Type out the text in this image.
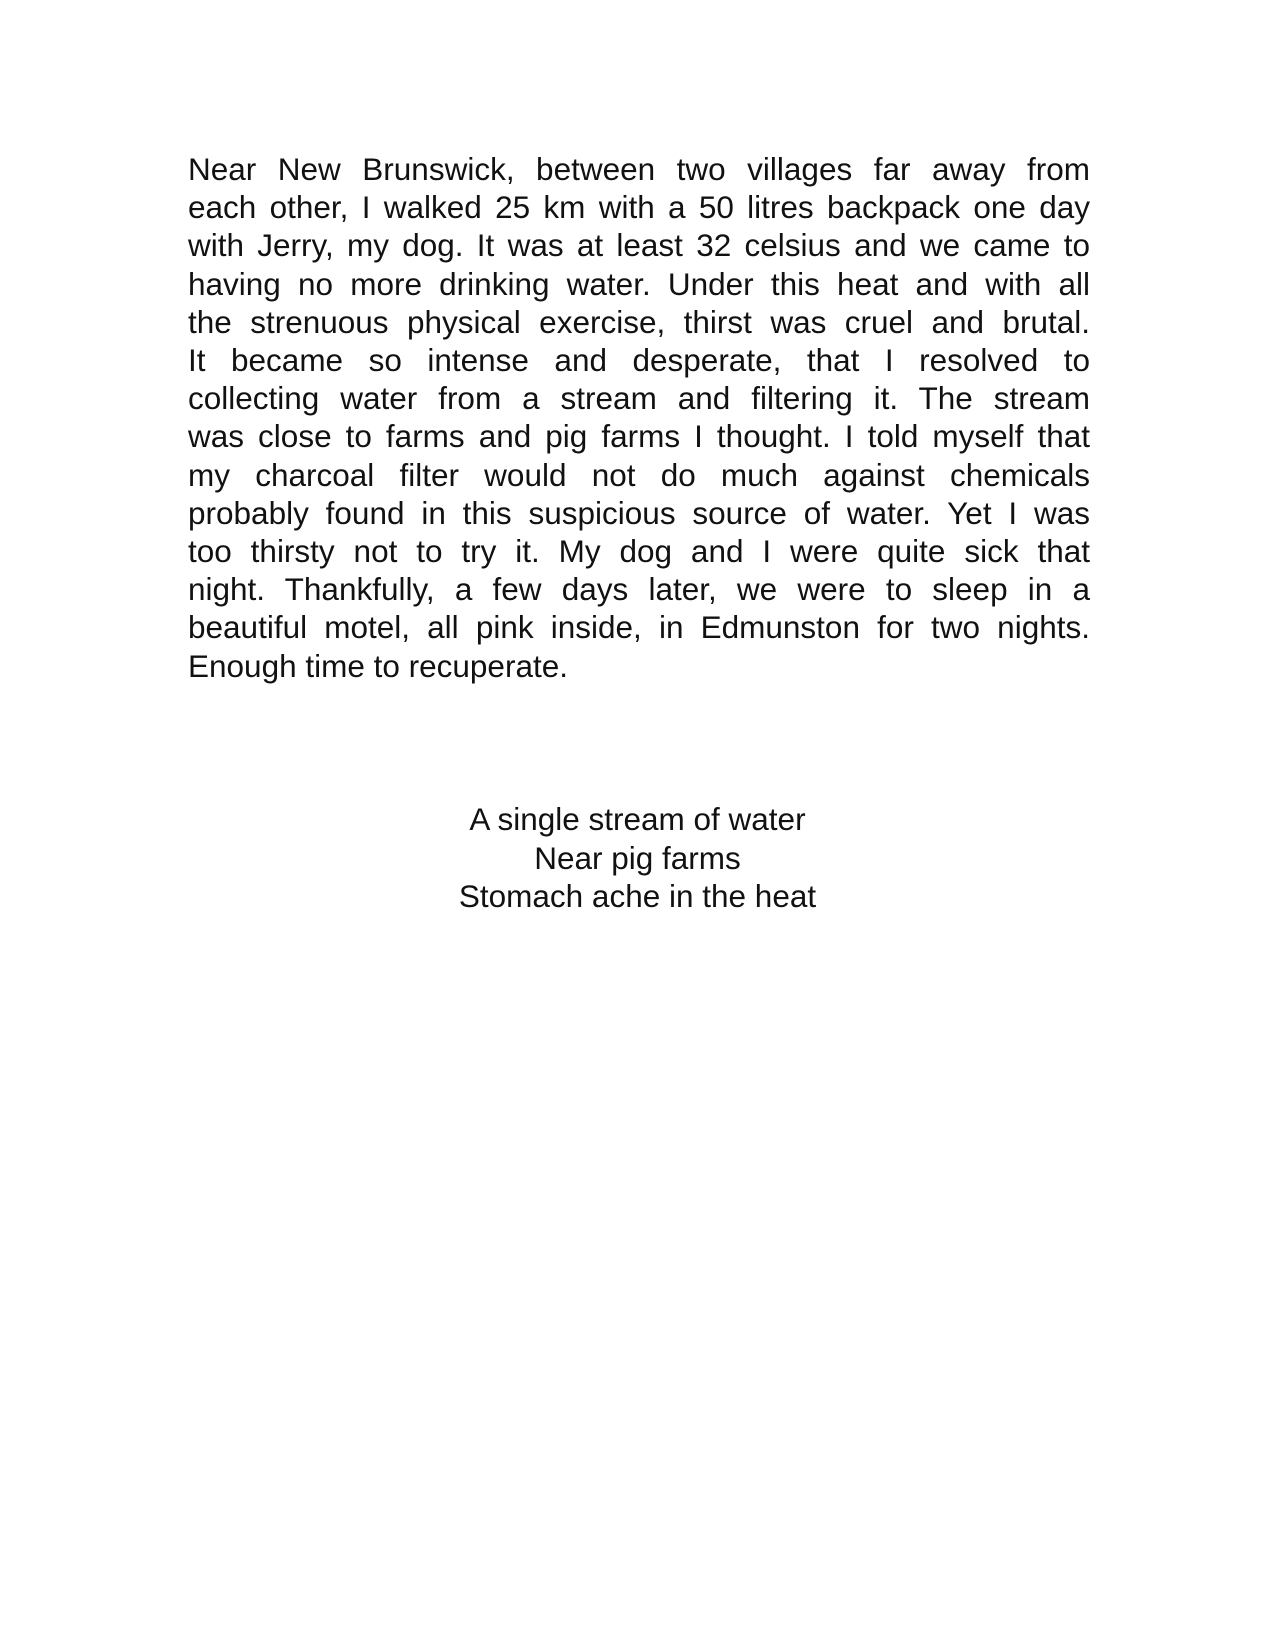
Near New Brunswick, between two villages far away from
each other, I walked 25 km with a 50 litres backpack one day
with Jerry, my dog. It was at least 32 celsius and we came to
having no more drinking water. Under this heat and with all
the strenuous physical exercise, thirst was cruel and brutal.
It became so intense and desperate, that I resolved to
collecting water from a stream and filtering it. The stream
was close to farms and pig farms I thought. I told myself that
my charcoal filter would not do much against chemicals
probably found in this suspicious source of water. Yet I was
too thirsty not to try it. My dog and I were quite sick that
night. Thankfully, a few days later, we were to sleep in a
beautiful motel, all pink inside, in Edmunston for two nights.
Enough time to recuperate.

A single stream of water
Near pig farms
Stomach ache in the heat
